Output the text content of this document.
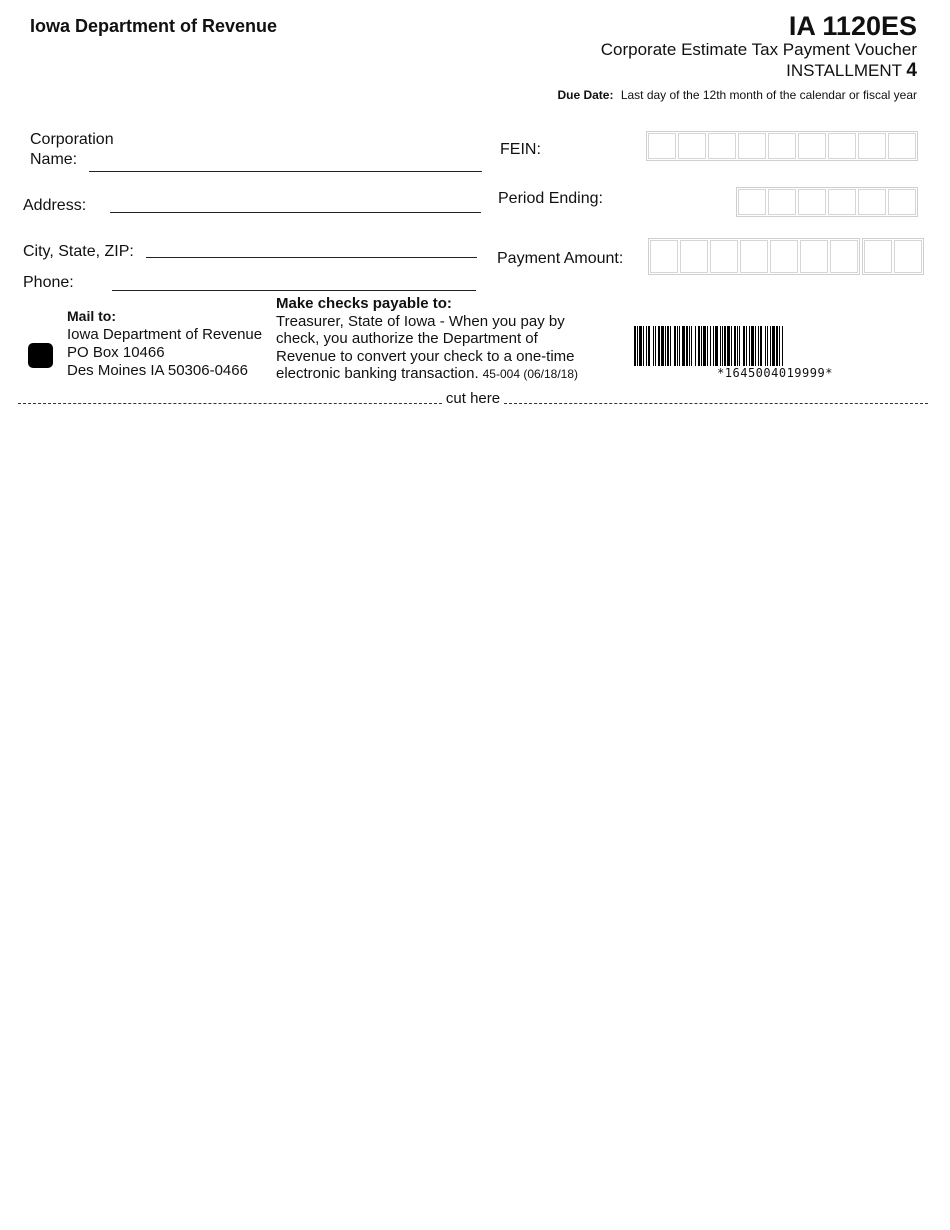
Iowa Department of Revenue	IA 1120ES
Corporate Estimate Tax Payment Voucher
INSTALLMENT 4
Due Date: Last day of the 12th month of the calendar or fiscal year
Corporation
Name:
Address:
City, State, ZIP:
Phone:
FEIN:
Period Ending:
Payment Amount:
Mail to:
Iowa Department of Revenue
PO Box 10466
Des Moines IA 50306-0466
Make checks payable to:
Treasurer, State of Iowa - When you pay by
check, you authorize the Department of
Revenue to convert your check to a one-time
electronic banking transaction. 45-004 (06/18/18)	*1645004019999*
cut here
